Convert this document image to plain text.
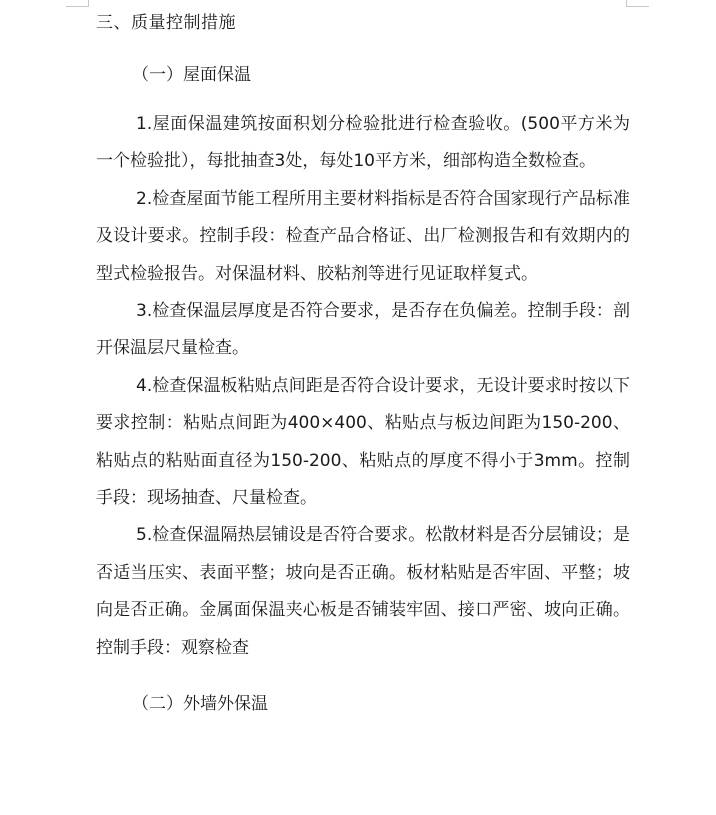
三、质量控制措施
（一）屋面保温

1.屋面保温建筑按面积划分检验批进行检查验收。(500平方米为一个检验批），每批抽查3处，每处10平方米，细部构造全数检查。

2.检查屋面节能工程所用主要材料指标是否符合国家现行产品标准及设计要求。控制手段：检查产品合格证、出厂检测报告和有效期内的型式检验报告。对保温材料、胶粘剂等进行见证取样复式。

3.检查保温层厚度是否符合要求，是否存在负偏差。控制手段：剖开保温层尺量检查。

4.检查保温板粘贴点间距是否符合设计要求，无设计要求时按以下要求控制：粘贴点间距为400×400、粘贴点与板边间距为150-200、粘贴点的粘贴面直径为150-200、粘贴点的厚度不得小于3mm。控制手段：现场抽查、尺量检查。

5.检查保温隔热层铺设是否符合要求。松散材料是否分层铺设；是否适当压实、表面平整；坡向是否正确。板材粘贴是否牢固、平整；坡向是否正确。金属面保温夹心板是否铺装牢固、接口严密、坡向正确。控制手段：观察检查

（二）外墙外保温
